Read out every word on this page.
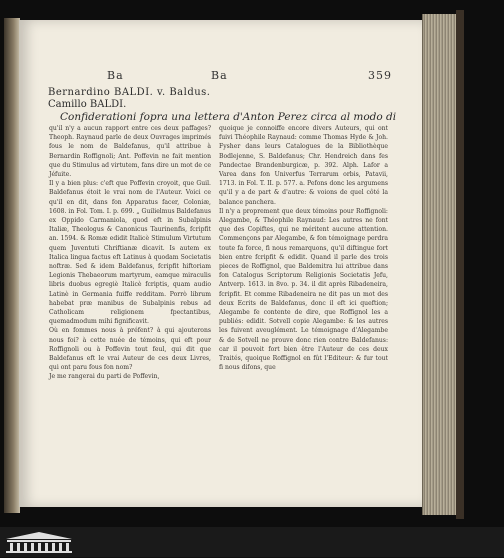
Ba	Ba	359
Bernardino BALDI. v. Baldus.
Camillo BALDI.
Confiderationi fopra una lettera d'Anton Perez circa al modo di

qu'il n'y a aucun rapport entre ces deux paffages? Theoph. Raynaud parle de deux Ouvrages imprimés fous le nom de Baldefanus, qu'il attribue à Bernardin Roffignoli; Ant. Poffevin ne fait mention que du Stimulus ad virtutem, fans dire un mot de ce Jéfuite.

Il y a bien plus: c'eft que Poffevin croyoit, que Guil. Baldefanus étoit le vrai nom de l'Auteur. Voici ce qu'il en dit, dans fon Apparatus facer, Coloniæ, 1608. in Fol. Tom. I. p. 699. „ Guilielmus Baldefanus ex Oppido Carmaniola, quod eft in Subalpinis Italiæ, Theologus & Canonicus Taurinenfis, fcripfit an. 1594. & Romæ edidit Italicè Stimulum Virtutum quem Juventuti Chriftianæ dicavit. Is autem ex Italica lingua factus eft Latinus à quodam Societatis noftræ. Sed & idem Baldefanus, fcripfit hiftoriam Legionis Thebaeorum martyrum, eamque miraculis libris duobus egregiè Italicè fcriptis, quam audio Latinè in Germania fuiffe redditam. Porrò librum habebat præ manibus de Subalpinis rebus ad Catholicam religionem fpectantibus, quemadmodum mihi fignificavit.

Où en fommes nous à préfent? à qui ajouterons nous foi? à cette nuée de témoins, qui eft pour Roffignoli ou à Poffevin tout feul, qui dit que Baldefanus eft le vrai Auteur de ces deux Livres, qui ont paru fous fon nom?

Je me rangerai du parti de Poffevin,

quoique je connoiffe encore divers Auteurs, qui ont fuivi Théophile Raynaud: comme Thomas Hyde & Joh. Fysher dans leurs Catalogues de la Bibliothèque Bodlejenne, S. Baldefanus; Chr. Hendreich dans fes Pandectae Brandenburgicæ, p. 392. Alph. Lafor a Varea dans fon Univerfus Terrarum orbis, Patavii, 1713. in Fol. T. II. p. 577. a. Pefons donc les argumens qu'il y a de part & d'autre: & voions de quel côté la balance panchera.

Il n'y a proprement que deux témoins pour Roffignoli: Alegambe, & Théophile Raynaud: Les autres ne font que des Copiftes, qui ne méritent aucune attention. Commençons par Alegambe, & fon témoignage perdra toute fa force, fi nous remarquons, qu'il diftingue fort bien entre fcripfit & edidit. Quand il parle des trois pieces de Roffignol, que Baldemitra lui attribue dans fon Catalogus Scriptorum Religionis Societatis Jefu, Antverp. 1613. in 8vo. p. 34. il dit après Ribadeneira, fcripfit. Et comme Ribadeneira ne dit pas un mot des deux Ecrits de Baldefanus, donc il eft ici queftion; Alegambe fe contente de dire, que Roffignol les a publiés: edidit. Sotvell copie Alegambe: & les autres les fuivent aveuglément. Le témoignage d'Alegambe & de Sotvell ne prouve donc rien contre Baldefanus: car il pouvoit fort bien être l'Auteur de ces deux Traités, quoique Roffignol en fût l'Editeur: & fur tout fi nous difons, que
